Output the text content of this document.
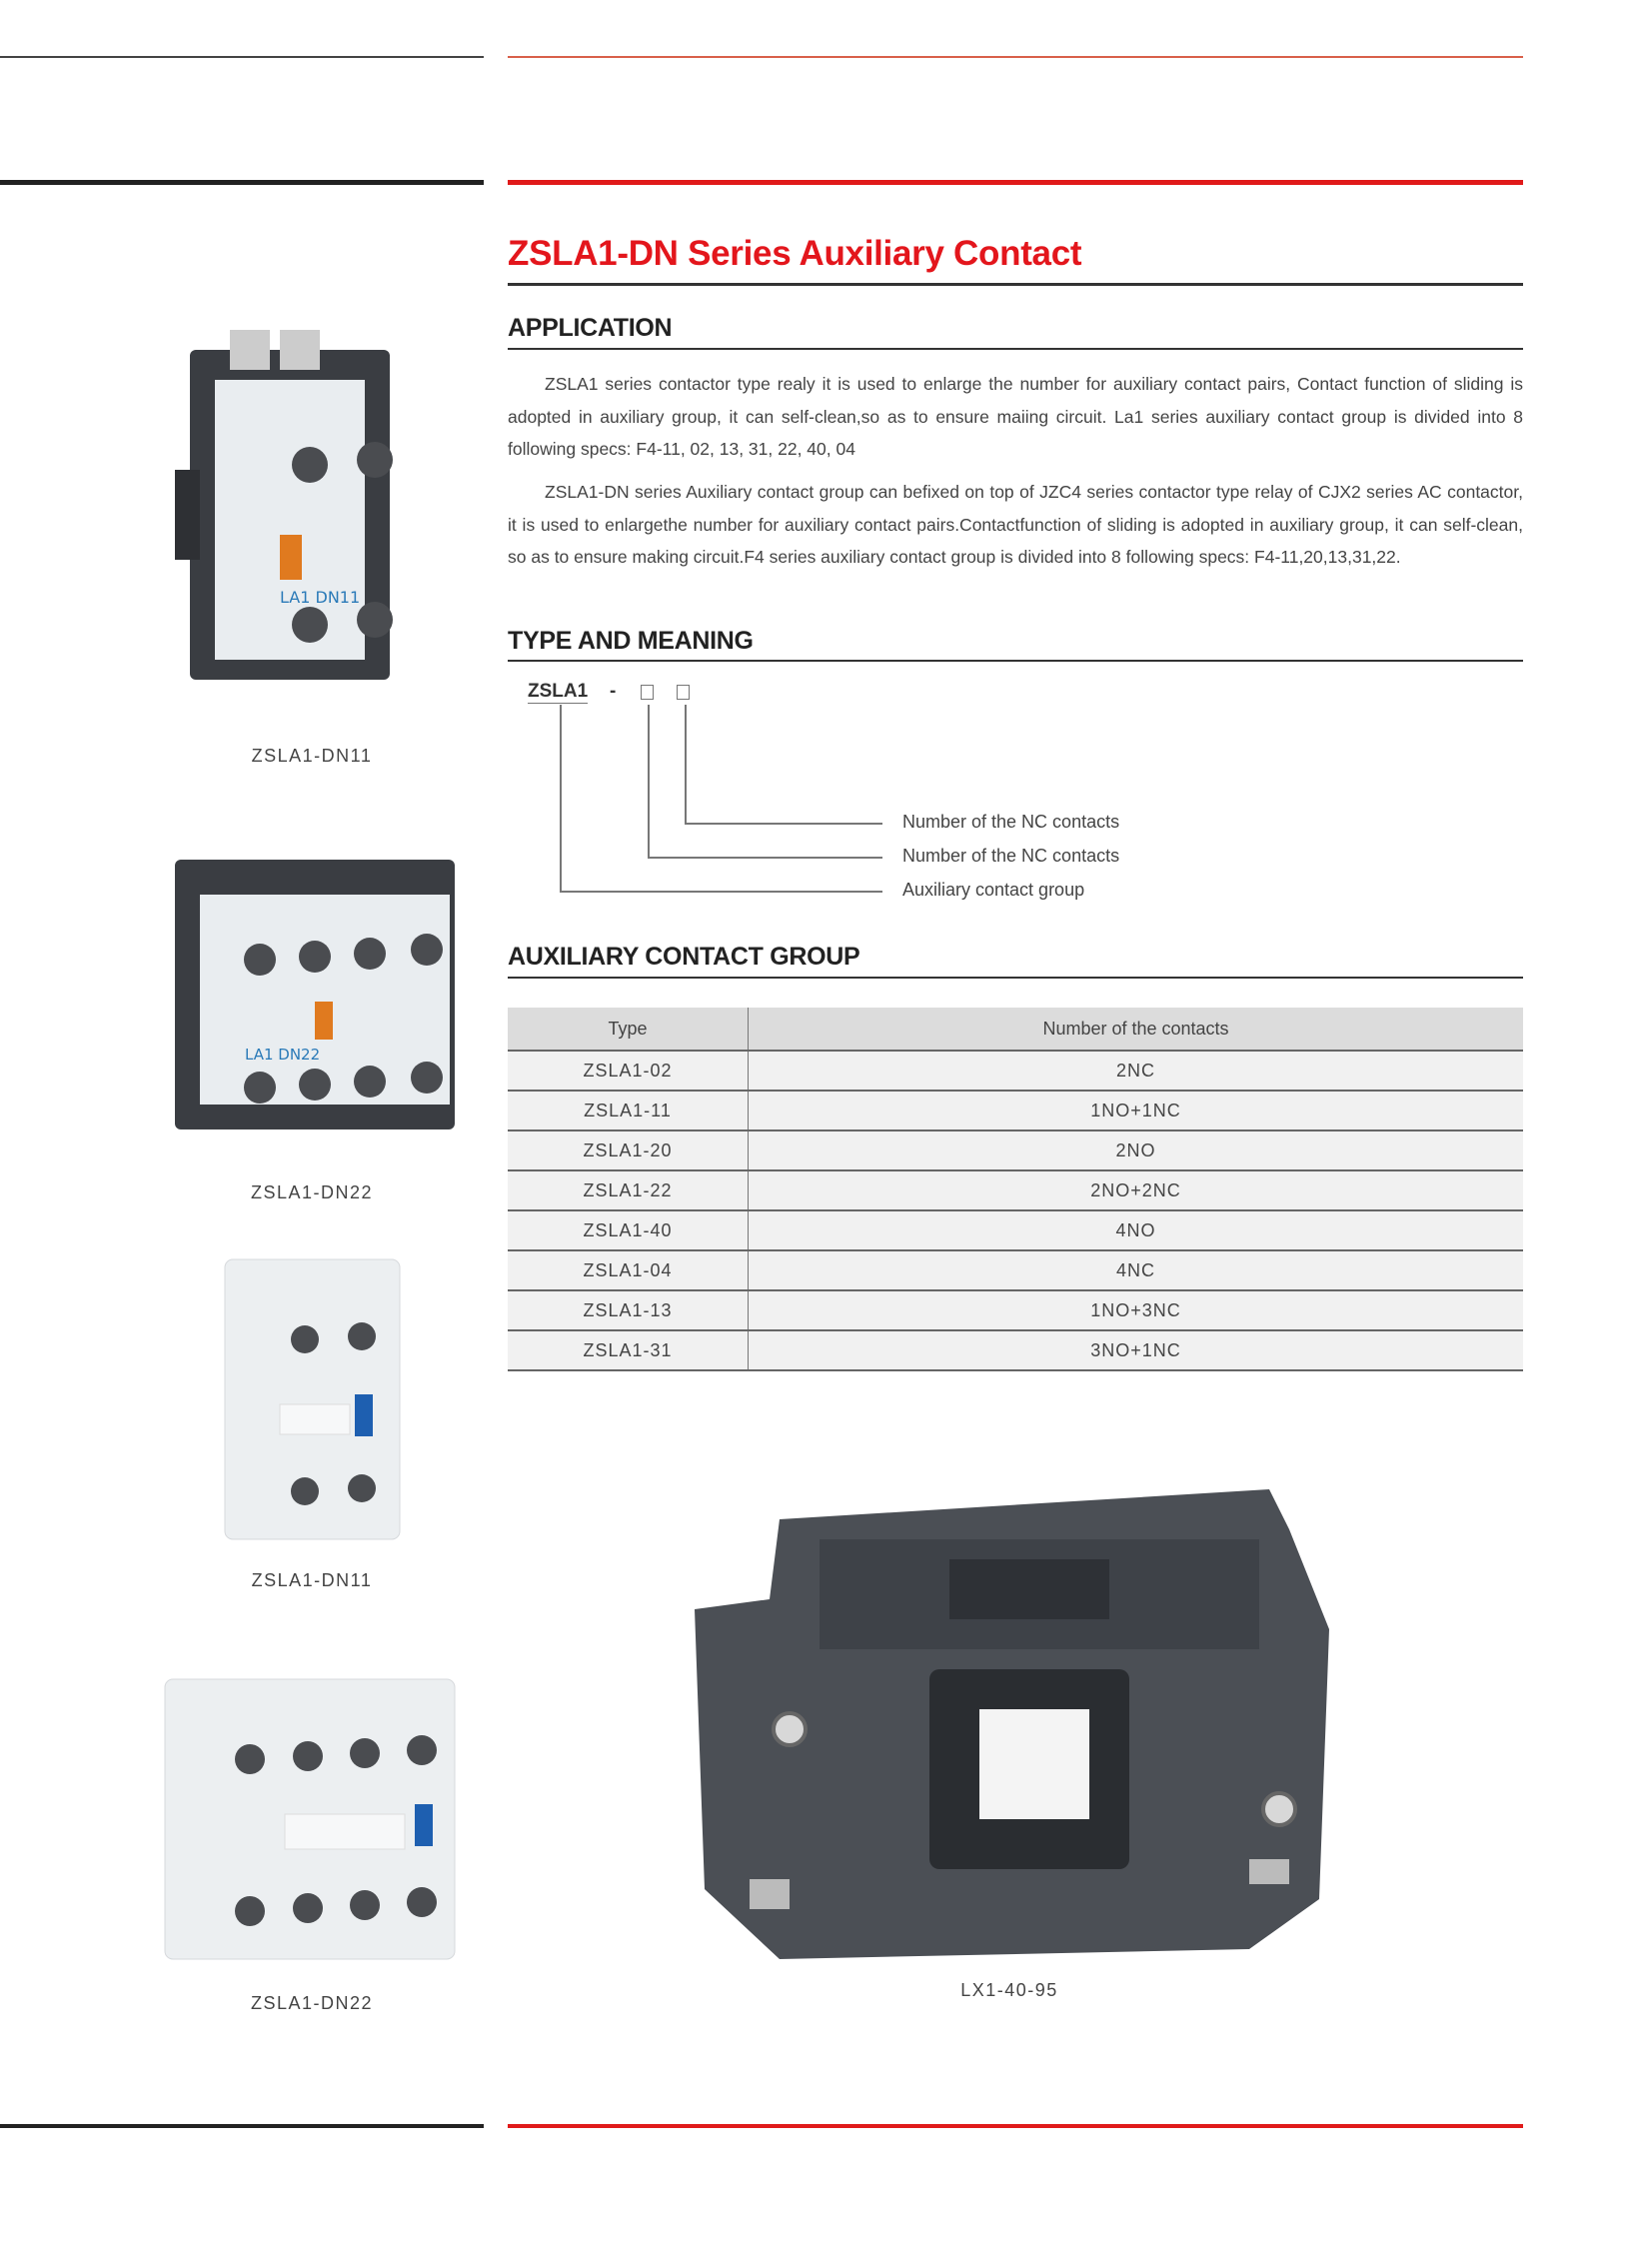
ZSLA1-DN Series Auxiliary Contact
APPLICATION

ZSLA1 series contactor type realy it is used to enlarge the number for auxiliary contact pairs, Contact function of sliding is adopted in auxiliary group, it can self-clean,so as to ensure maiing circuit. La1 series auxiliary contact group is divided into 8 following specs: F4-11, 02, 13, 31, 22, 40, 04

ZSLA1-DN series Auxiliary contact group can befixed on top of JZC4 series contactor type relay of CJX2 series AC contactor, it is used to enlargethe number for auxiliary contact pairs.Contactfunction of sliding is adopted in auxiliary group, it can self-clean, so as to ensure making circuit.F4 series auxiliary contact group is divided into 8 following specs: F4-11,20,13,31,22.

TYPE AND MEANING
ZSLA1 -
Number of the NC contacts
Number of the NC contacts
Auxiliary contact group
AUXILIARY CONTACT GROUP
Type	Number of the contacts
ZSLA1-02	2NC
ZSLA1-11	1NO+1NC
ZSLA1-20	2NO
ZSLA1-22	2NO+2NC
ZSLA1-40	4NO
ZSLA1-04	4NC
ZSLA1-13	1NO+3NC
ZSLA1-31	3NO+1NC
LA1 DN11
ZSLA1-DN11
LA1 DN22
ZSLA1-DN22
ZSLA1-DN11
ZSLA1-DN22
LX1-40-95
